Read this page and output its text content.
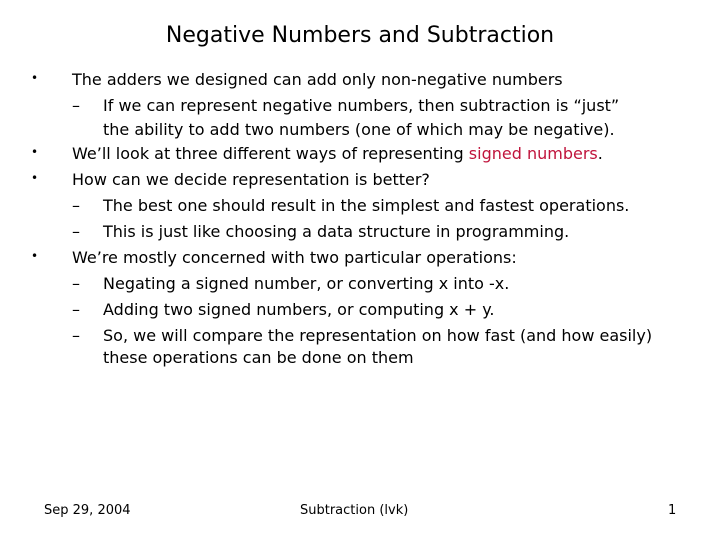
Negative Numbers and Subtraction
• The adders we designed can add only non-negative numbers
– If we can represent negative numbers, then subtraction is “just”
the ability to add two numbers (one of which may be negative).
• We’ll look at three different ways of representing signed numbers.
• How can we decide representation is better?
– The best one should result in the simplest and fastest operations.
– This is just like choosing a data structure in programming.
• We’re mostly concerned with two particular operations:
– Negating a signed number, or converting x into -x.
– Adding two signed numbers, or computing x + y.
– So, we will compare the representation on how fast (and how easily)
these operations can be done on them
Sep 29, 2004	Subtraction (lvk)	1
